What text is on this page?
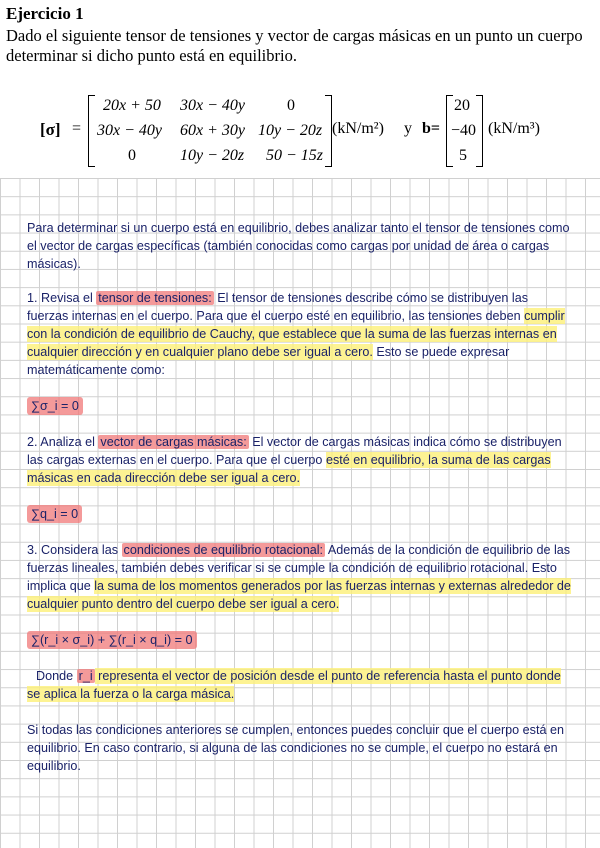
Ejercicio 1
Dado el siguiente tensor de tensiones y vector de cargas másicas en un punto un cuerpo determinar si dicho punto está en equilibrio.
[σ] =
20x + 50 30x − 40y	0
30x − 40y 60x + 30y 10y − 20z
0	10y − 20z 50 − 15z
(kN/m²) y b=
20
−40
5
(kN/m³)
Para determinar si un cuerpo está en equilibrio, debes analizar tanto el tensor de tensiones como el vector de cargas específicas (también conocidas como cargas por unidad de área o cargas másicas).
1. Revisa el tensor de tensiones: El tensor de tensiones describe cómo se distribuyen las fuerzas internas en el cuerpo. Para que el cuerpo esté en equilibrio, las tensiones deben cumplir con la condición de equilibrio de Cauchy, que establece que la suma de las fuerzas internas en cualquier dirección y en cualquier plano debe ser igual a cero. Esto se puede expresar matemáticamente como:
∑σ_i = 0
2. Analiza el vector de cargas másicas: El vector de cargas másicas indica cómo se distribuyen las cargas externas en el cuerpo. Para que el cuerpo esté en equilibrio, la suma de las cargas másicas en cada dirección debe ser igual a cero.
∑q_i = 0
3. Considera las condiciones de equilibrio rotacional: Además de la condición de equilibrio de las fuerzas lineales, también debes verificar si se cumple la condición de equilibrio rotacional. Esto implica que la suma de los momentos generados por las fuerzas internas y externas alrededor de cualquier punto dentro del cuerpo debe ser igual a cero.
∑(r_i × σ_i) + ∑(r_i × q_i) = 0
Donde r_i representa el vector de posición desde el punto de referencia hasta el punto donde se aplica la fuerza o la carga másica.
Si todas las condiciones anteriores se cumplen, entonces puedes concluir que el cuerpo está en equilibrio. En caso contrario, si alguna de las condiciones no se cumple, el cuerpo no estará en equilibrio.
